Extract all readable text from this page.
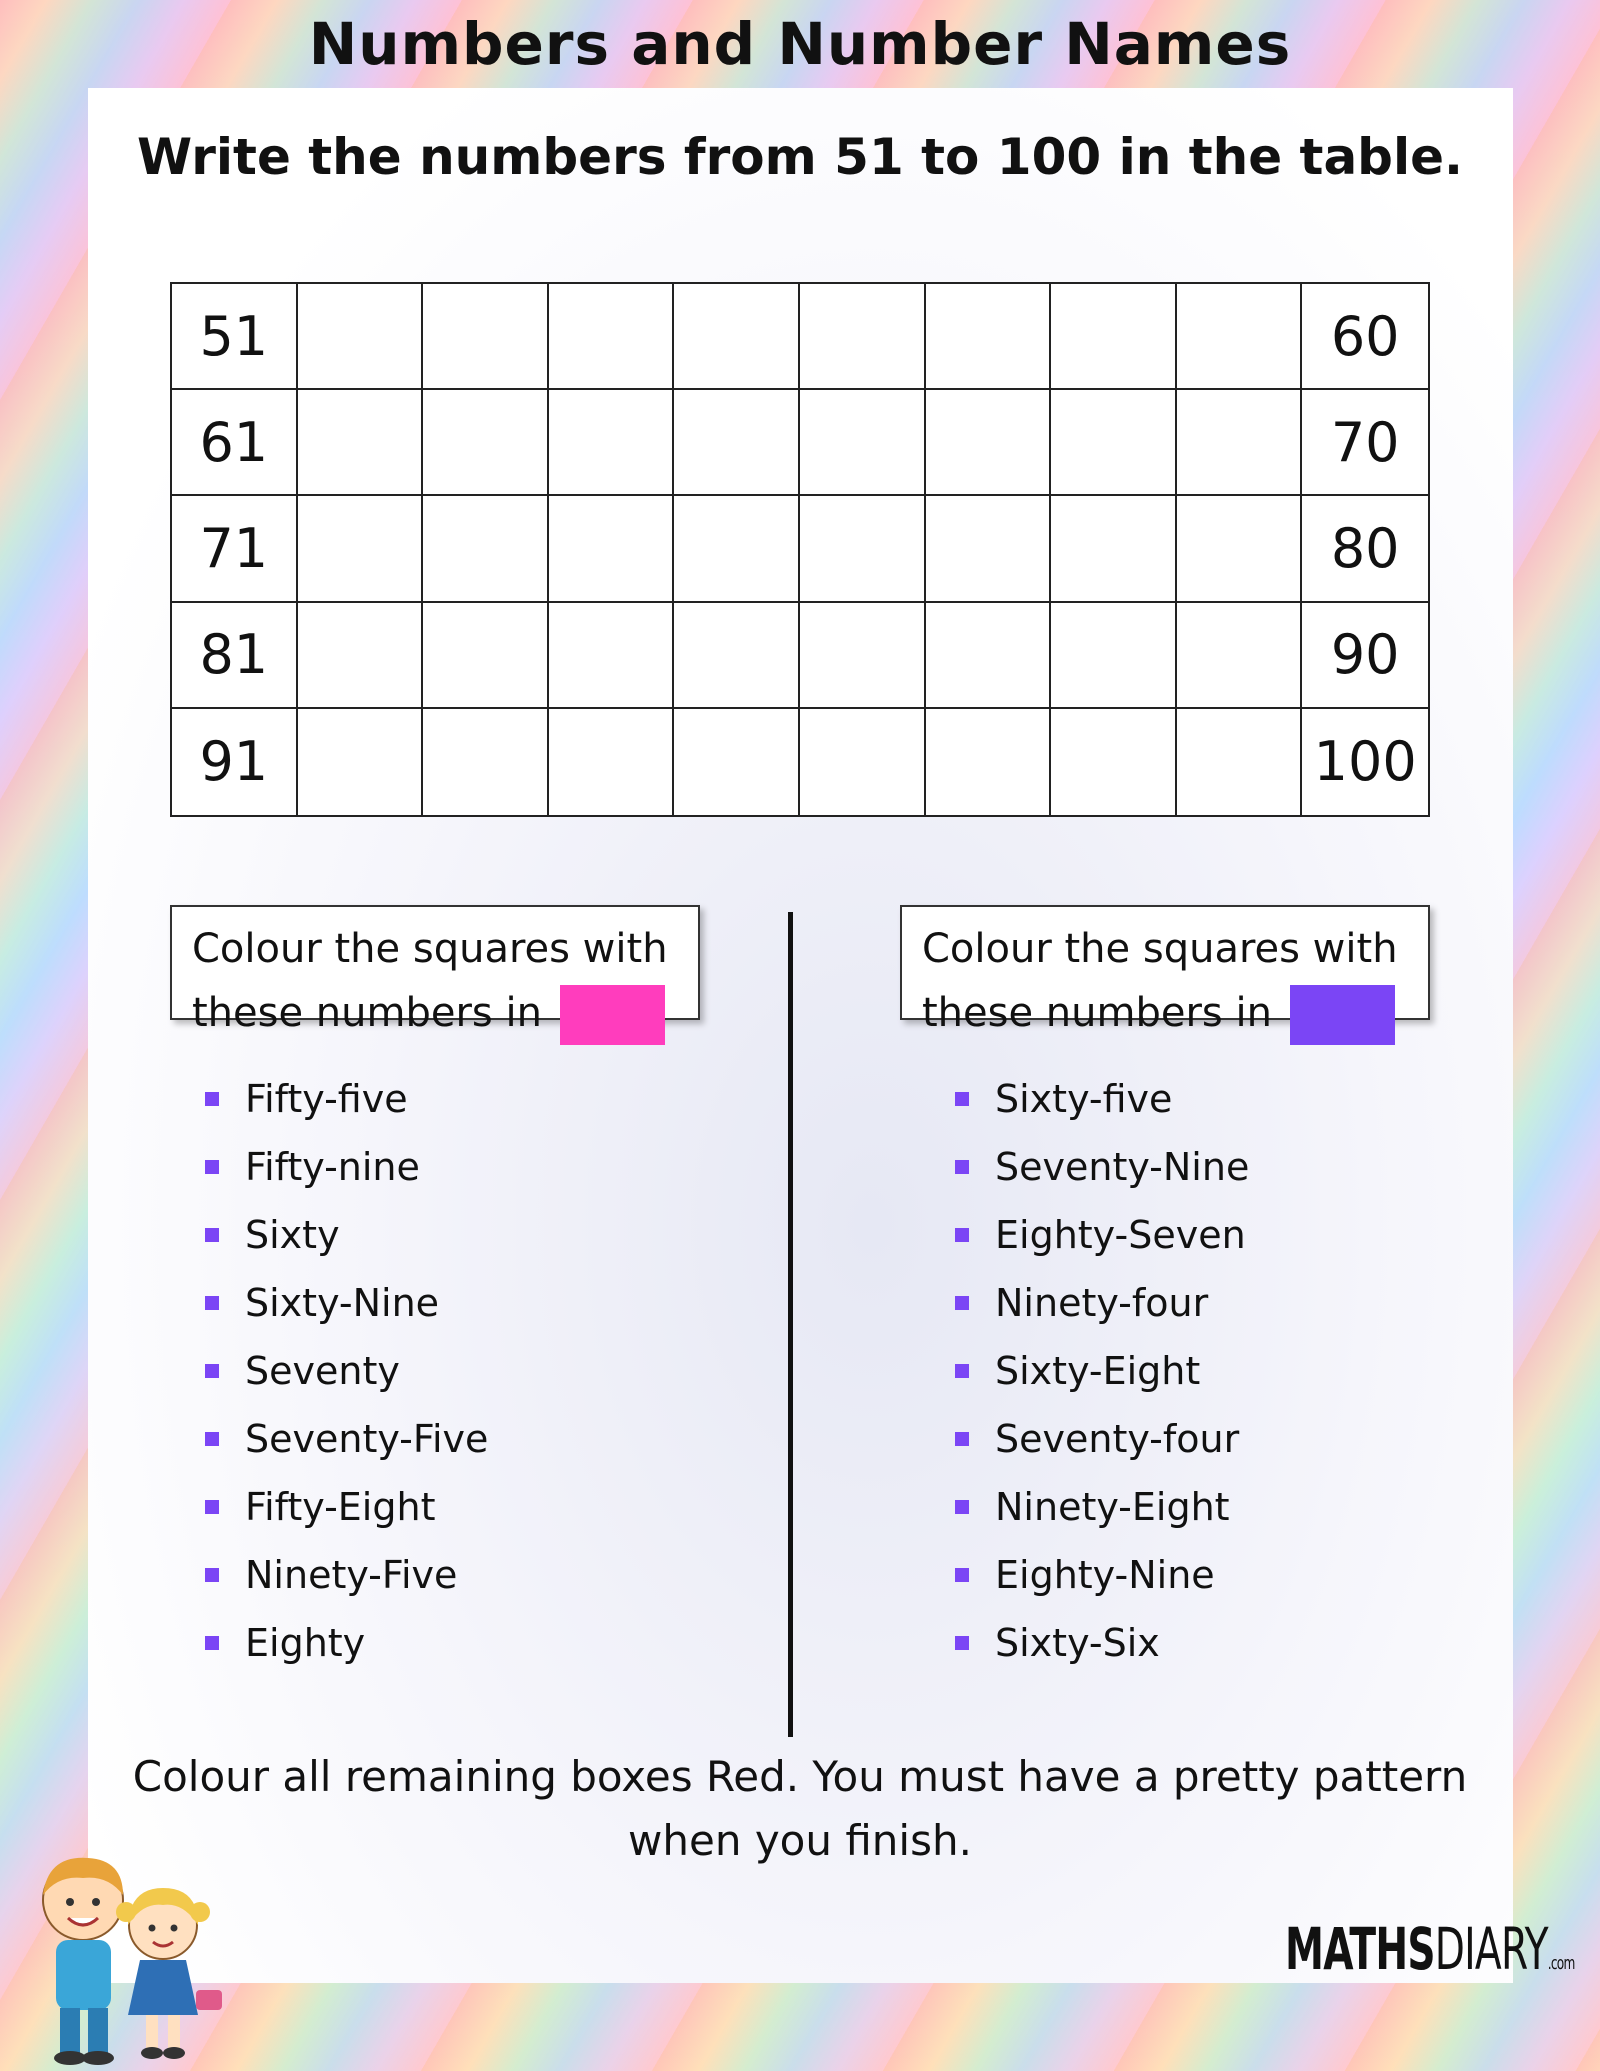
Numbers and Number Names
Write the numbers from 51 to 100 in the table.
51	60
61	70
71	80
81	90
91	100
Colour the squares with
these numbers in
Colour the squares with
these numbers in
Fifty-five
Fifty-nine
Sixty
Sixty-Nine
Seventy
Seventy-Five
Fifty-Eight
Ninety-Five
Eighty
Sixty-five
Seventy-Nine
Eighty-Seven
Ninety-four
Sixty-Eight
Seventy-four
Ninety-Eight
Eighty-Nine
Sixty-Six
Colour all remaining boxes Red. You must have a pretty pattern
when you finish.
MATHSDIARY.com
